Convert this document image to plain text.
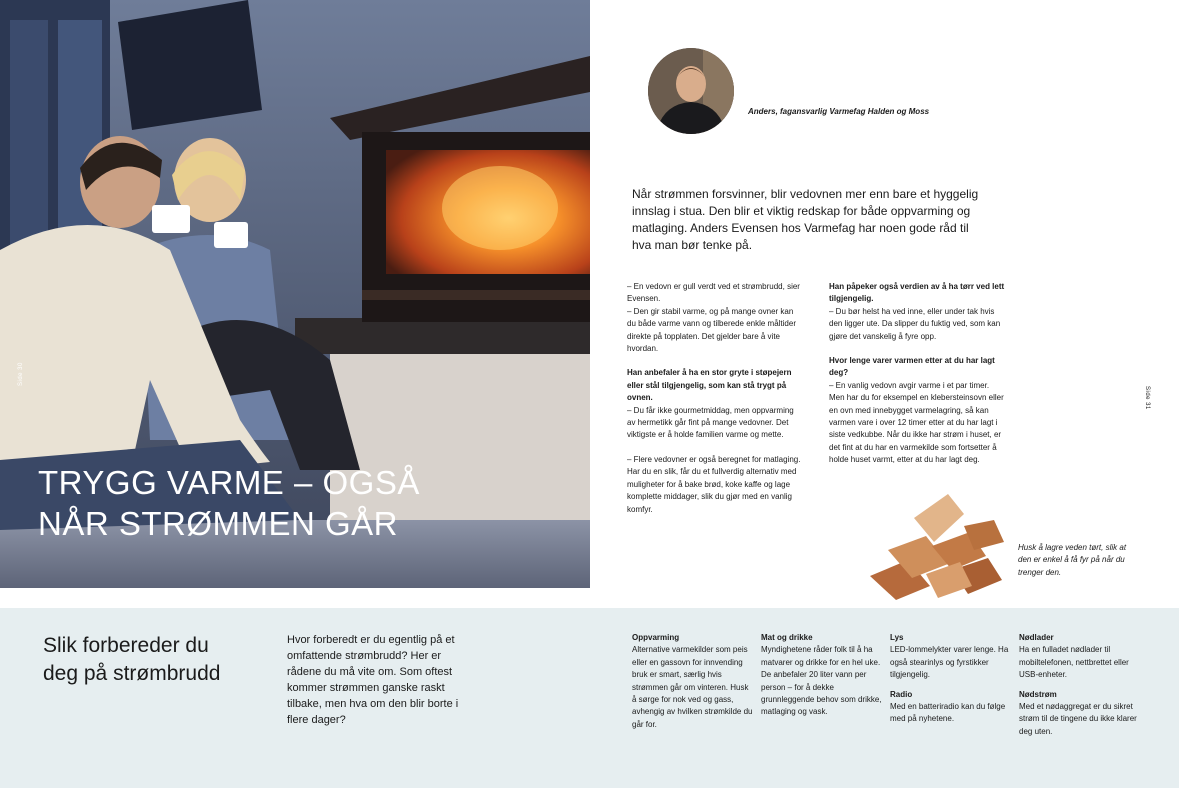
TRYGG VARME – OGSÅ
NÅR STRØMMEN GÅR
Side 30
Side 31
Anders, fagansvarlig Varmefag Halden og Moss

Når strømmen forsvinner, blir vedovnen mer enn bare et hyggelig innslag i stua. Den blir et viktig redskap for både oppvarming og matlaging. Anders Evensen hos Varmefag har noen gode råd til hva man bør tenke på.

– En vedovn er gull verdt ved et strømbrudd, sier Evensen.

– Den gir stabil varme, og på mange ovner kan du både varme vann og tilberede enkle måltider direkte på topplaten. Det gjelder bare å vite hvordan.

Han anbefaler å ha en stor gryte i støpejern eller stål tilgjengelig, som kan stå trygt på ovnen.

– Du får ikke gourmetmiddag, men oppvarming av hermetikk går fint på mange vedovner. Det viktigste er å holde familien varme og mette.

– Flere vedovner er også beregnet for matlaging. Har du en slik, får du et fullverdig alternativ med muligheter for å bake brød, koke kaffe og lage komplette middager, slik du gjør med en vanlig komfyr.

Han påpeker også verdien av å ha tørr ved lett tilgjengelig.

– Du bør helst ha ved inne, eller under tak hvis den ligger ute. Da slipper du fuktig ved, som kan gjøre det vanskelig å fyre opp.

Hvor lenge varer varmen etter at du har lagt deg?

– En vanlig vedovn avgir varme i et par timer. Men har du for eksempel en klebersteinsovn eller en ovn med innebygget varmelagring, så kan varmen vare i over 12 timer etter at du har lagt i siste vedkubbe. Når du ikke har strøm i huset, er det fint at du har en varmekilde som fortsetter å holde huset varmt, etter at du har lagt deg.

Husk å lagre veden tørt, slik at den er enkel å få fyr på når du trenger den.

Slik forbereder du
deg på strømbrudd

Hvor forberedt er du egentlig på et omfattende strømbrudd? Her er rådene du må vite om. Som oftest kommer strømmen ganske raskt tilbake, men hva om den blir borte i flere dager?

Oppvarming
Alternative varmekilder som peis eller en gassovn for innvending bruk er smart, særlig hvis strømmen går om vinteren. Husk å sørge for nok ved og gass, avhengig av hvilken strømkilde du går for.
Mat og drikke
Myndighetene råder folk til å ha matvarer og drikke for en hel uke. De anbefaler 20 liter vann per person – for å dekke grunnleggende behov som drikke, matlaging og vask.
Lys
LED-lommelykter varer lenge. Ha også stearinlys og fyrstikker tilgjengelig.
Radio
Med en batteriradio kan du følge med på nyhetene.
Nødlader
Ha en fulladet nødlader til mobiltelefonen, nettbrettet eller USB-enheter.
Nødstrøm
Med et nødaggregat er du sikret strøm til de tingene du ikke klarer deg uten.
